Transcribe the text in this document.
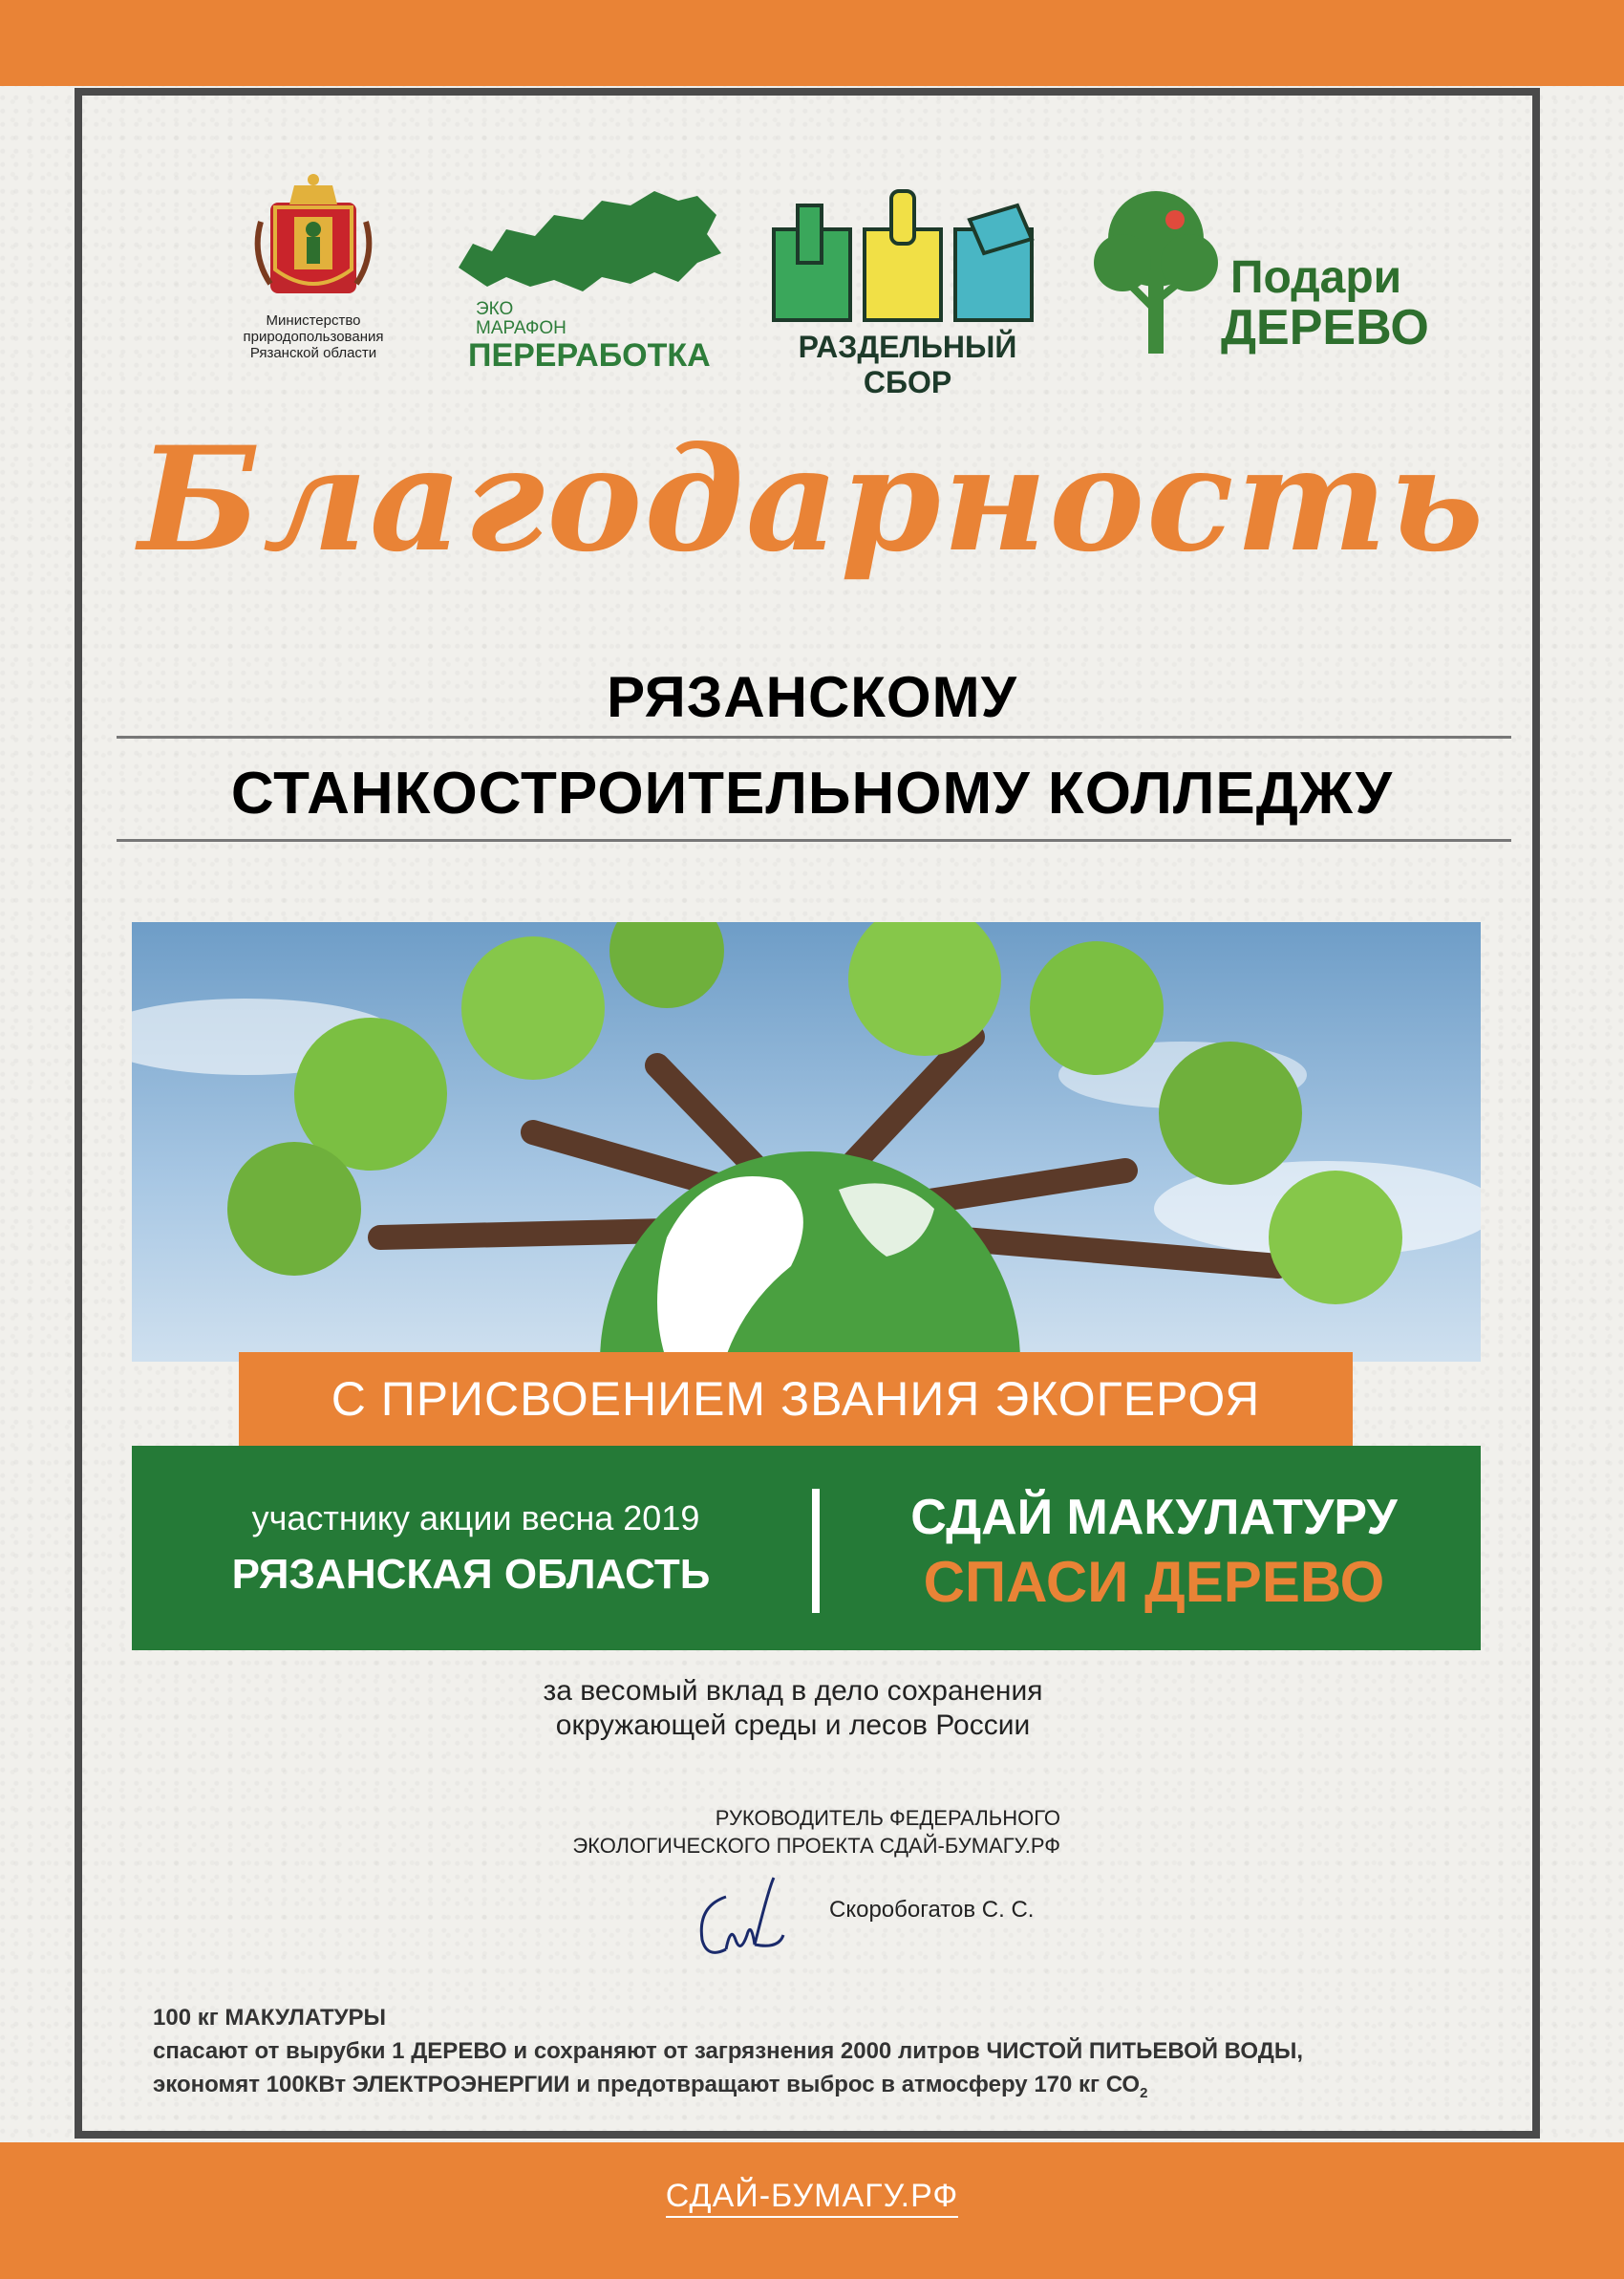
Министерство
природопользования
Рязанской области
ЭКО
МАРАФОН
ПЕРЕРАБОТКА	РАЗДЕЛЬНЫЙ СБОР
Подари
ДЕРЕВО
Благодарность
РЯЗАНСКОМУ
СТАНКОСТРОИТЕЛЬНОМУ КОЛЛЕДЖУ
С ПРИСВОЕНИЕМ ЗВАНИЯ ЭКОГЕРОЯ
участнику акции весна 2019
РЯЗАНСКАЯ ОБЛАСТЬ
СДАЙ МАКУЛАТУРУ
СПАСИ ДЕРЕВО
за весомый вклад в дело сохранения
окружающей среды и лесов России
РУКОВОДИТЕЛЬ ФЕДЕРАЛЬНОГО
ЭКОЛОГИЧЕСКОГО ПРОЕКТА СДАЙ-БУМАГУ.РФ
Скоробогатов С. С.
100 кг МАКУЛАТУРЫ
спасают от вырубки 1 ДЕРЕВО и сохраняют от загрязнения 2000 литров ЧИСТОЙ ПИТЬЕВОЙ ВОДЫ,
экономят 100КВт ЭЛЕКТРОЭНЕРГИИ и предотвращают выброс в атмосферу 170 кг $СО_2$
СДАЙ-БУМАГУ.РФ
